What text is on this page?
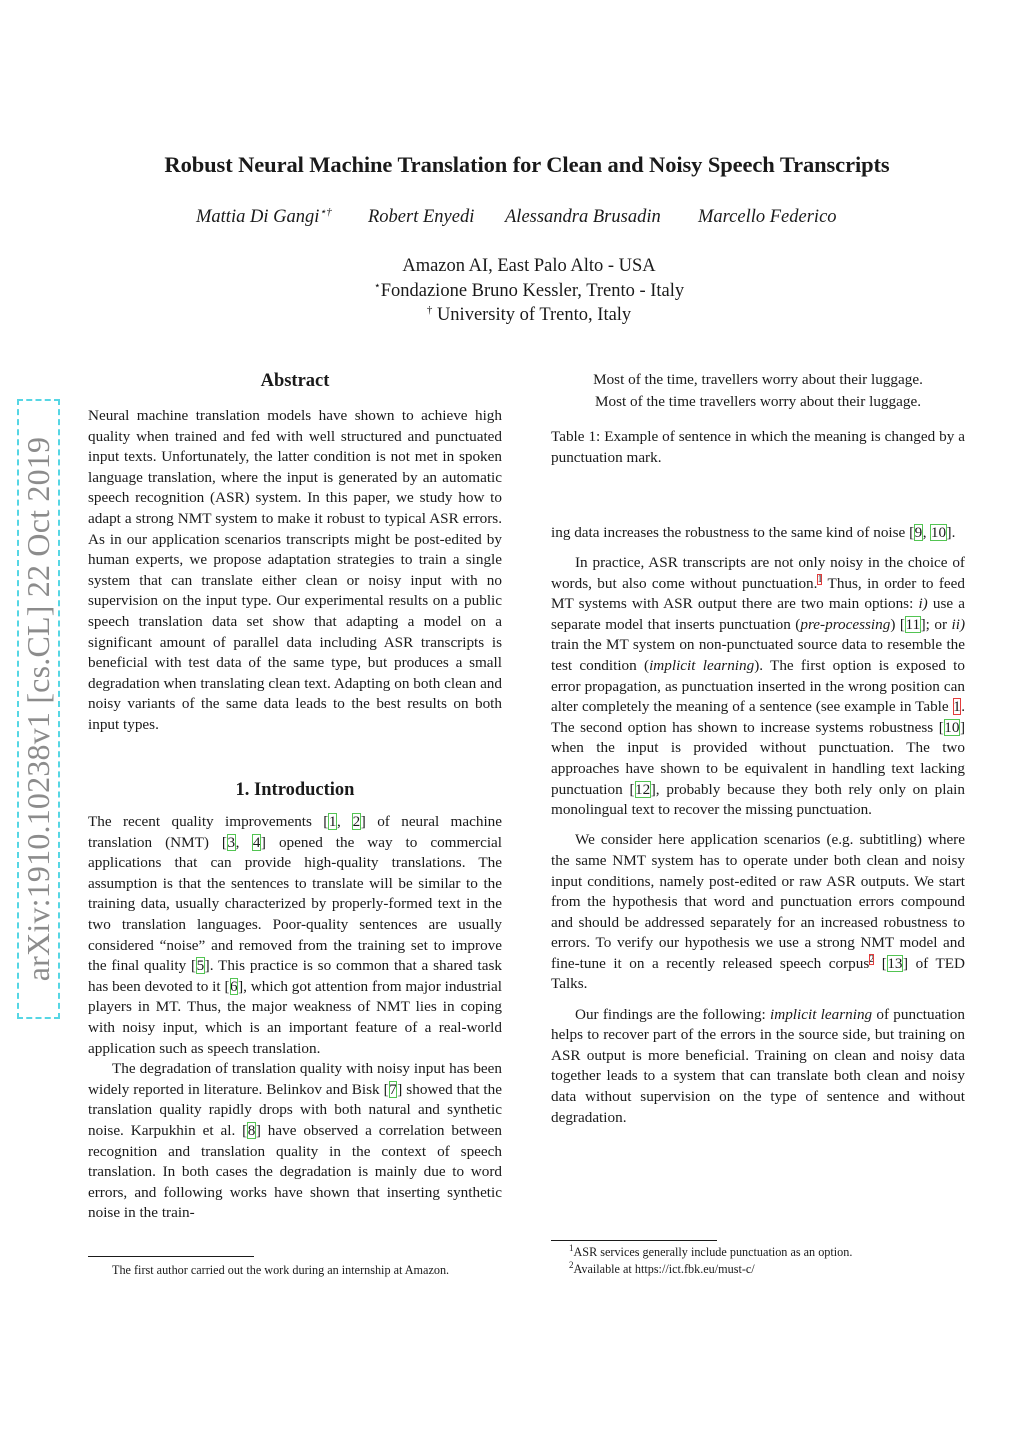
arXiv:1910.10238v1 [cs.CL] 22 Oct 2019
Robust Neural Machine Translation for Clean and Noisy Speech Transcripts
Mattia Di Gangi⋆† Robert Enyedi Alessandra Brusadin Marcello Federico
Amazon AI, East Palo Alto - USA
⋆Fondazione Bruno Kessler, Trento - Italy
† University of Trento, Italy
Abstract

Neural machine translation models have shown to achieve high quality when trained and fed with well structured and punctuated input texts. Unfortunately, the latter condition is not met in spoken language translation, where the input is generated by an automatic speech recognition (ASR) system. In this paper, we study how to adapt a strong NMT system to make it robust to typical ASR errors. As in our application scenarios transcripts might be post-edited by human experts, we propose adaptation strategies to train a single system that can translate either clean or noisy input with no supervision on the input type. Our experimental results on a public speech translation data set show that adapting a model on a significant amount of parallel data including ASR transcripts is beneficial with test data of the same type, but produces a small degradation when translating clean text. Adapting on both clean and noisy variants of the same data leads to the best results on both input types.

1. Introduction

The recent quality improvements [1, 2] of neural machine translation (NMT) [3, 4] opened the way to commercial applications that can provide high-quality translations. The assumption is that the sentences to translate will be similar to the training data, usually characterized by properly-formed text in the two translation languages. Poor-quality sentences are usually considered “noise” and removed from the training set to improve the final quality [5]. This practice is so common that a shared task has been devoted to it [6], which got attention from major industrial players in MT. Thus, the major weakness of NMT lies in coping with noisy input, which is an important feature of a real-world application such as speech translation.

The degradation of translation quality with noisy input has been widely reported in literature. Belinkov and Bisk [7] showed that the translation quality rapidly drops with both natural and synthetic noise. Karpukhin et al. [8] have observed a correlation between recognition and translation quality in the context of speech translation. In both cases the degradation is mainly due to word errors, and following works have shown that inserting synthetic noise in the train-

The first author carried out the work during an internship at Amazon.
Most of the time, travellers worry about their luggage.
Most of the time travellers worry about their luggage.

Table 1: Example of sentence in which the meaning is changed by a punctuation mark.

ing data increases the robustness to the same kind of noise [9, 10].

In practice, ASR transcripts are not only noisy in the choice of words, but also come without punctuation.$^1$ Thus, in order to feed MT systems with ASR output there are two main options: i) use a separate model that inserts punctuation (pre-processing) [11]; or ii) train the MT system on non-punctuated source data to resemble the test condition (implicit learning). The first option is exposed to error propagation, as punctuation inserted in the wrong position can alter completely the meaning of a sentence (see example in Table 1. The second option has shown to increase systems robustness [10] when the input is provided without punctuation. The two approaches have shown to be equivalent in handling text lacking punctuation [12], probably because they both rely only on plain monolingual text to recover the missing punctuation.

We consider here application scenarios (e.g. subtitling) where the same NMT system has to operate under both clean and noisy input conditions, namely post-edited or raw ASR outputs. We start from the hypothesis that word and punctuation errors compound and should be addressed separately for an increased robustness to errors. To verify our hypothesis we use a strong NMT model and fine-tune it on a recently released speech corpus$^2$ [13] of TED Talks.

Our findings are the following: implicit learning of punctuation helps to recover part of the errors in the source side, but training on ASR output is more beneficial. Training on clean and noisy data together leads to a system that can translate both clean and noisy data without supervision on the type of sentence and without degradation.

$^1$ASR services generally include punctuation as an option.
$^2$Available at https://ict.fbk.eu/must-c/
